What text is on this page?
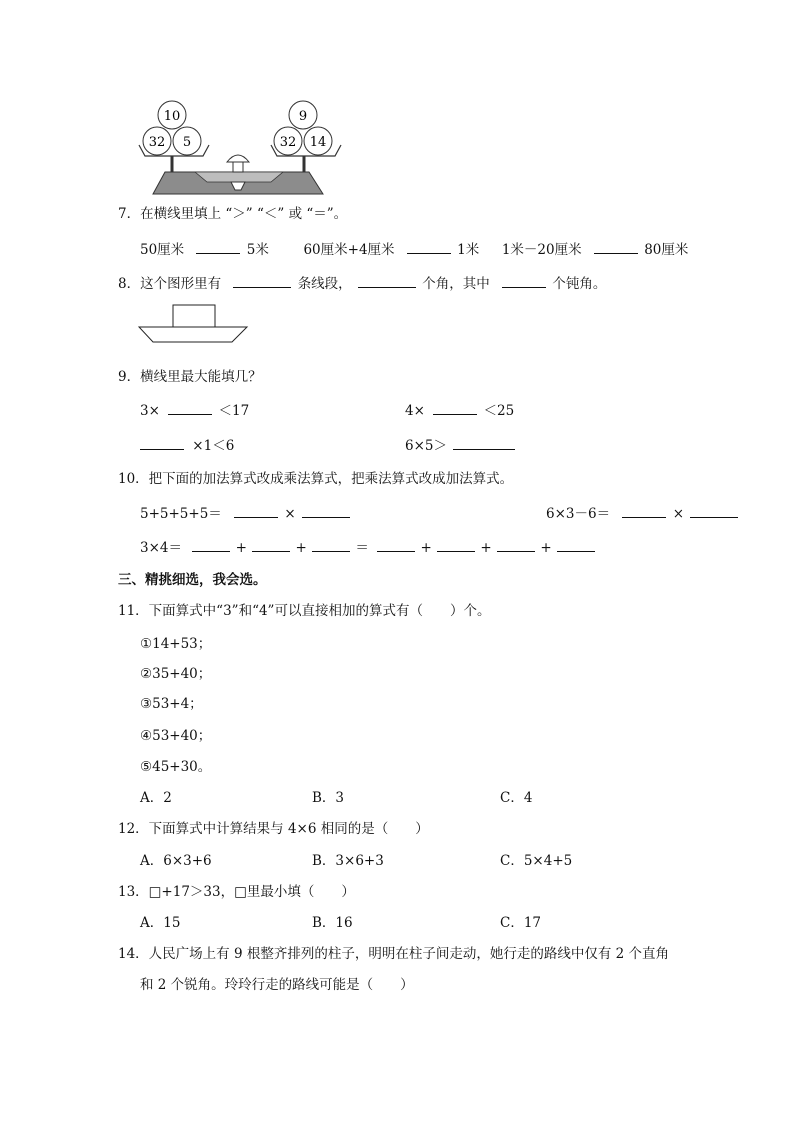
10
32 5
9
32 14
7．在横线里填上 “＞” “＜” 或 “＝”。
50厘米	5米	60厘米+4厘米	1米 1米－20厘米	80厘米
8．这个图形里有	条线段，	个角，其中	个钝角。
9．横线里最大能填几？
3×	＜17	4×	＜25
×1＜6	6×5＞
10．把下面的加法算式改成乘法算式，把乘法算式改成加法算式。
5+5+5+5＝	×	6×3－6＝	×
3×4＝	+	+	＝	+	+	+
三、精挑细选，我会选。
11．下面算式中“3”和“4”可以直接相加的算式有（　　）个。
①14+53；
②35+40；
③53+4；
④53+40；
⑤45+30。
A．2	B．3	C．4
12．下面算式中计算结果与 4×6 相同的是（　　）
A．6×3+6	B．3×6+3	C．5×4+5
13．□+17＞33，□里最小填（　　）
A．15	B．16	C．17
14．人民广场上有 9 根整齐排列的柱子，明明在柱子间走动，她行走的路线中仅有 2 个直角
和 2 个锐角。玲玲行走的路线可能是（　　）
